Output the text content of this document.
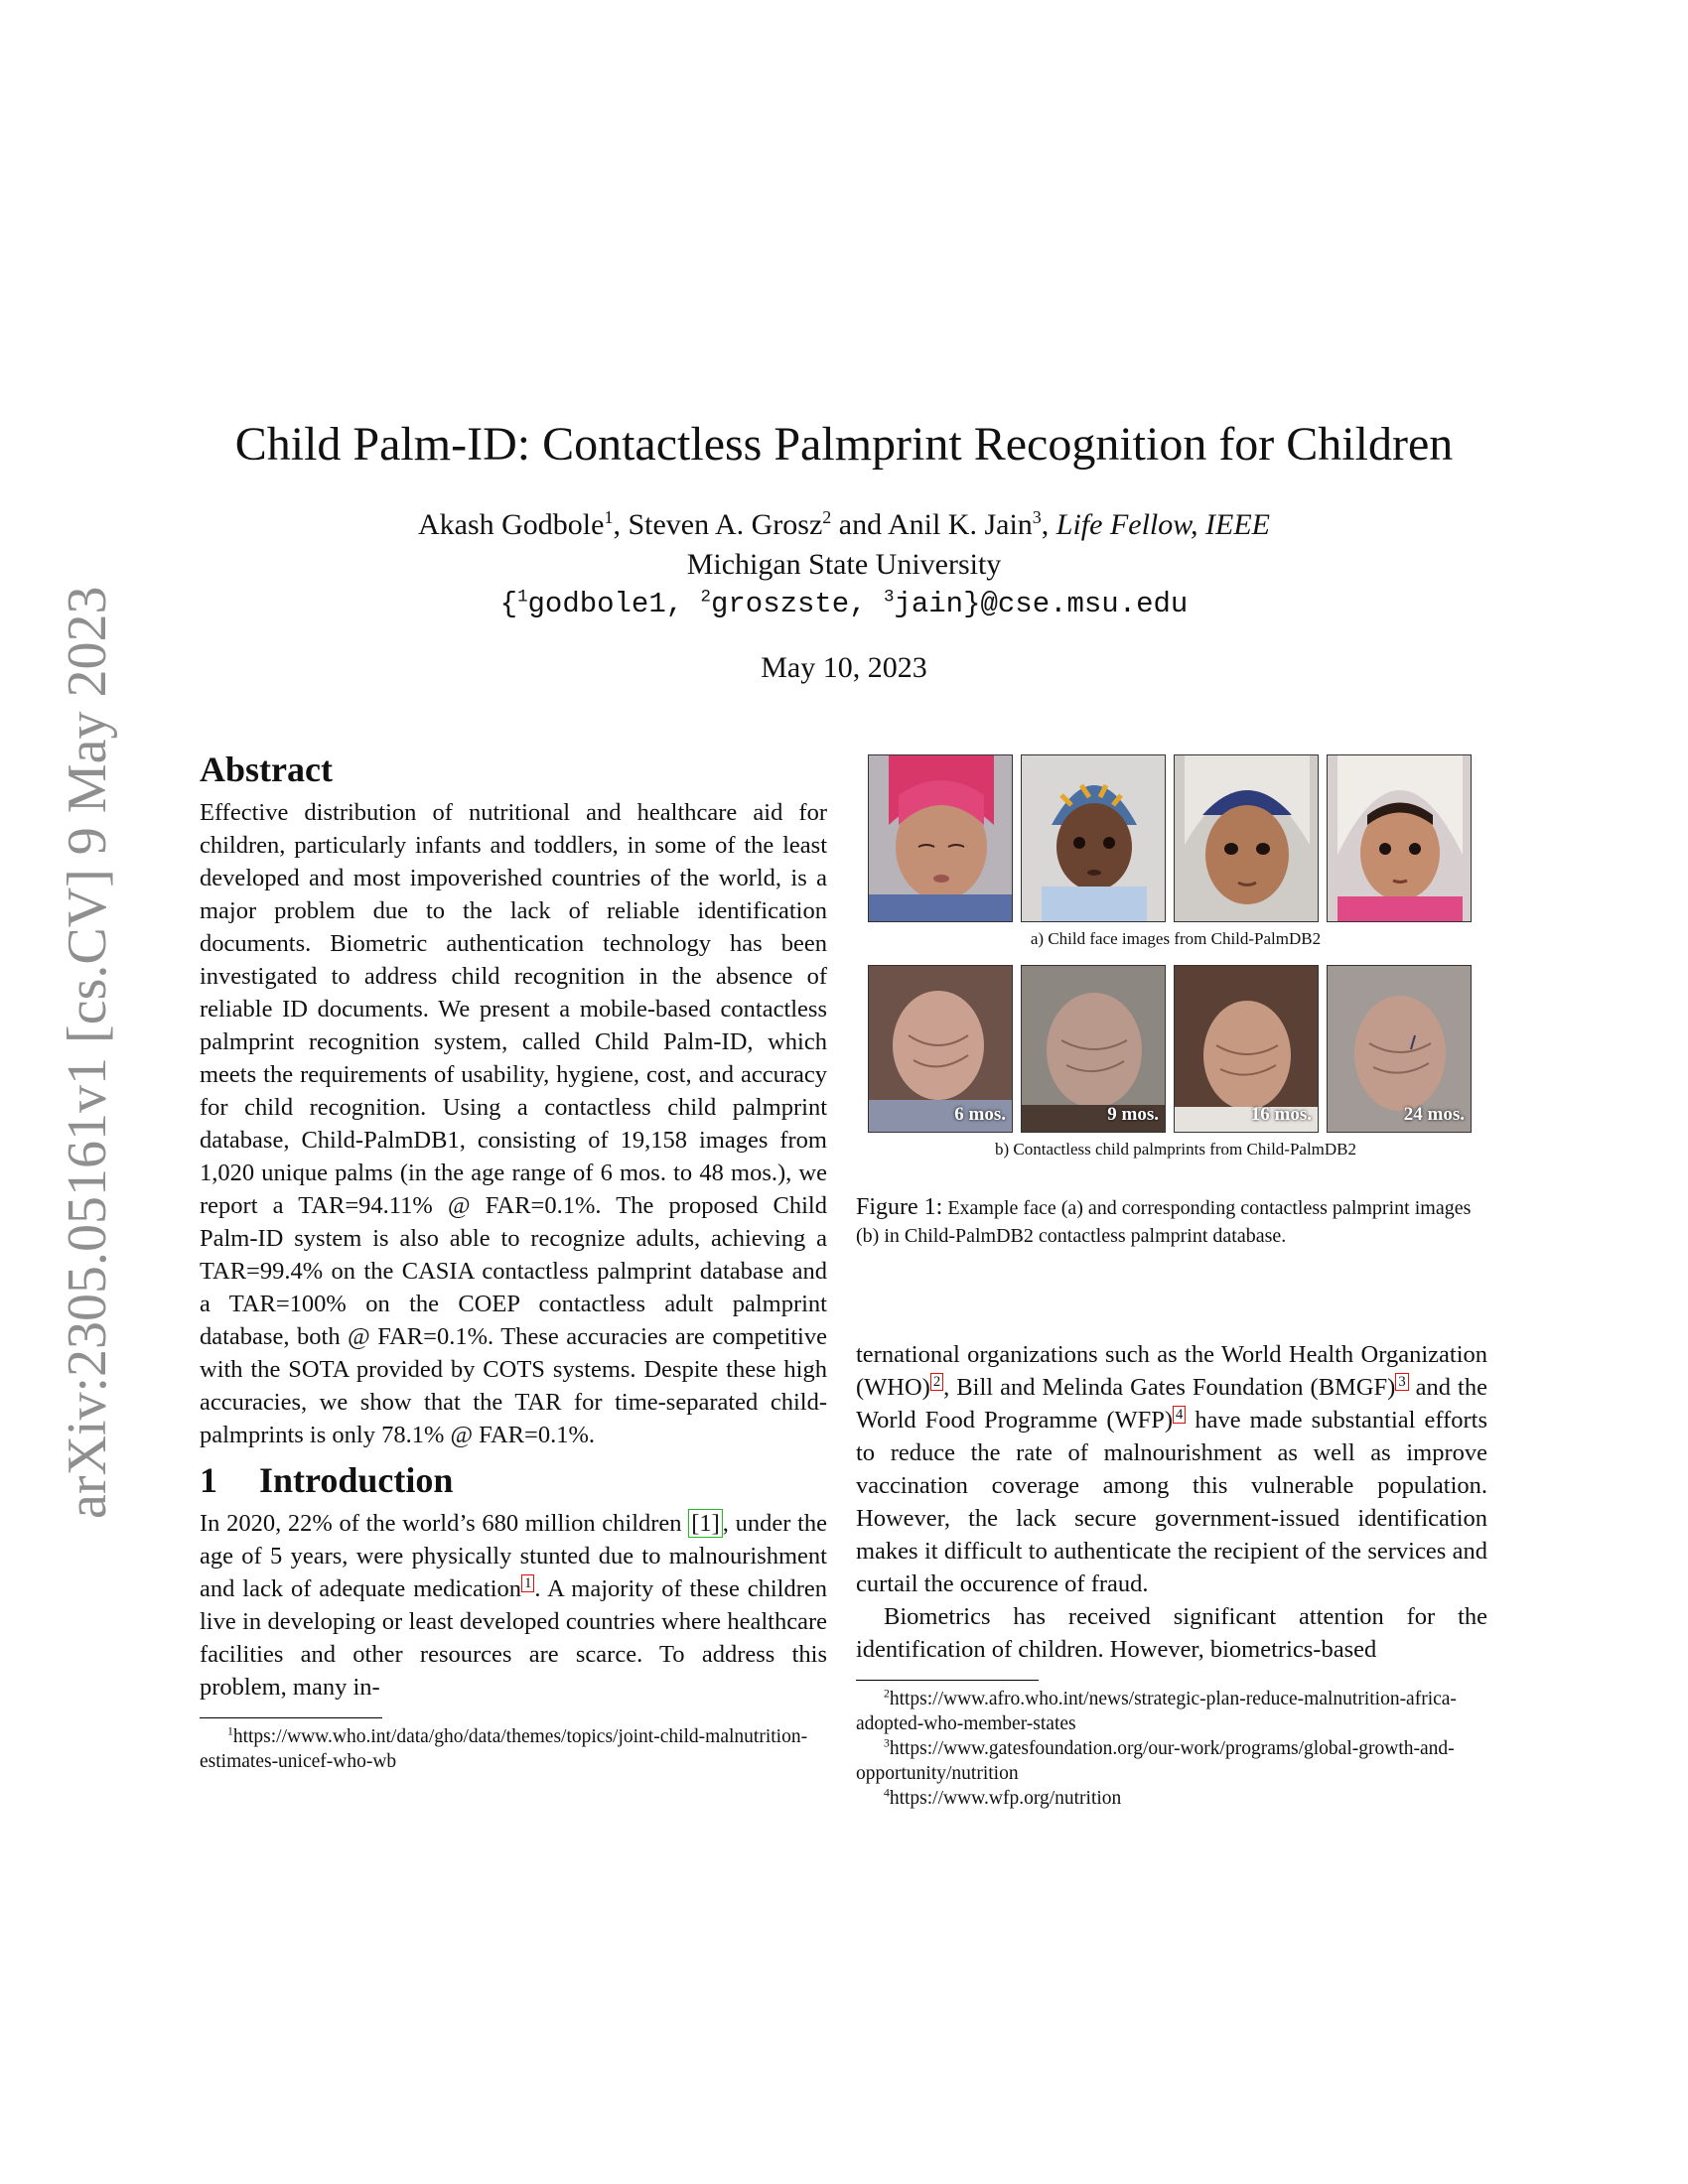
arXiv:2305.05161v1 [cs.CV] 9 May 2023
Child Palm-ID: Contactless Palmprint Recognition for Children
Akash Godbole$^1$, Steven A. Grosz$^2$ and Anil K. Jain$^3$, Life Fellow, IEEE
Michigan State University
{$^1$godbole1, $^2$groszste, $^3$jain}@cse.msu.edu
May 10, 2023
Abstract

Effective distribution of nutritional and healthcare aid for children, particularly infants and toddlers, in some of the least developed and most impoverished countries of the world, is a major problem due to the lack of reliable identification documents. Biometric authentication technology has been investigated to address child recognition in the absence of reliable ID documents. We present a mobile-based contactless palmprint recognition system, called Child Palm-ID, which meets the requirements of usability, hygiene, cost, and accuracy for child recognition. Using a contactless child palmprint database, Child-PalmDB1, consisting of 19,158 images from 1,020 unique palms (in the age range of 6 mos. to 48 mos.), we report a TAR=94.11% @ FAR=0.1%. The proposed Child Palm-ID system is also able to recognize adults, achieving a TAR=99.4% on the CASIA contactless palmprint database and a TAR=100% on the COEP contactless adult palmprint database, both @ FAR=0.1%. These accuracies are competitive with the SOTA provided by COTS systems. Despite these high accuracies, we show that the TAR for time-separated child-palmprints is only 78.1% @ FAR=0.1%.

1 Introduction

In 2020, 22% of the world’s 680 million children [1] , under the age of 5 years, were physically stunted due to malnourishment and lack of adequate medication $^1$ . A majority of these children live in developing or least developed countries where healthcare facilities and other resources are scarce. To address this problem, many in-

$^1$https://www.who.int/data/gho/data/themes/topics/joint-child-malnutrition-estimates-unicef-who-wb
a) Child face images from Child-PalmDB2
6 mos.	9 mos.	16 mos.	24 mos.
b) Contactless child palmprints from Child-PalmDB2
Figure 1: Example face (a) and corresponding contactless palmprint images (b) in Child-PalmDB2 contactless palmprint database.

ternational organizations such as the World Health Organization (WHO) $^2$ , Bill and Melinda Gates Foundation (BMGF) $^3$ and the World Food Programme (WFP) $^4$ have made substantial efforts to reduce the rate of malnourishment as well as improve vaccination coverage among this vulnerable population. However, the lack secure government-issued identification makes it difficult to authenticate the recipient of the services and curtail the occurence of fraud.

Biometrics has received significant attention for the identification of children. However, biometrics-based

$^2$https://www.afro.who.int/news/strategic-plan-reduce-malnutrition-africa-adopted-who-member-states
$^3$https://www.gatesfoundation.org/our-work/programs/global-growth-and-opportunity/nutrition
$^4$https://www.wfp.org/nutrition
